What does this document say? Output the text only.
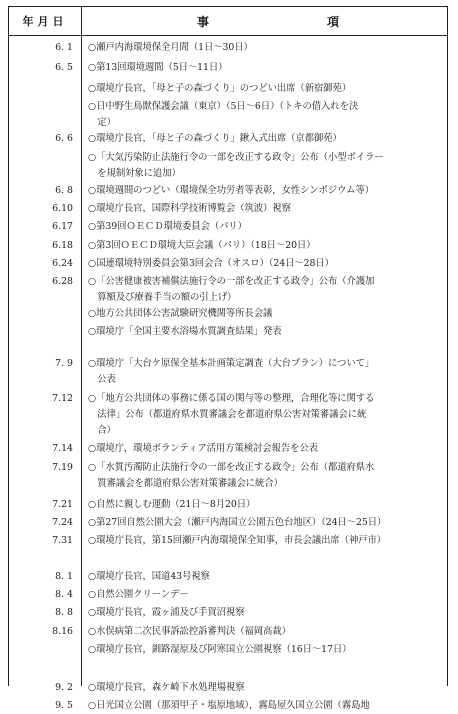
年月日	事	項
6. 1 ○瀬戸内海環境保全月間（1日〜30日）
6. 5 ○第13回環境週間（5日〜11日）
○環境庁長官，「母と子の森づくり」のつどい出席（新宿御苑）
○日中野生鳥獣保護会議（東京）（5日〜6日）（トキの借入れを決
　定）
6. 6 ○環境庁長官，「母と子の森づくり」鍬入式出席（京都御苑）
○「大気汚染防止法施行令の一部を改正する政令」公布（小型ボイラー
　を規制対象に追加）
6. 8 ○環境週間のつどい（環境保全功労者等表彰，女性シンポジウム等）
6.10 ○環境庁長官，国際科学技術博覧会（筑波）視察
6.17 ○第39回ＯＥＣＤ環境委員会（パリ）
6.18 ○第3回ＯＥＣＤ環境大臣会議（パリ）（18日〜20日）
6.24 ○国連環境特別委員会第3回会合（オスロ）（24日〜28日）
6.28 ○「公害健康被害補償法施行令の一部を改正する政令」公布（介護加
　算額及び療養手当の額の引上げ）
○地方公共団体公害試験研究機関等所長会議
○環境庁「全国主要水浴場水質調査結果」発表
7. 9 ○環境庁「大台ケ原保全基本計画策定調査（大台プラン）について」
　公表
7.12 ○「地方公共団体の事務に係る国の関与等の整理，合理化等に関する
　法律」公布（都道府県水質審議会を都道府県公害対策審議会に統
　合）
7.14 ○環境庁，環境ボランティア活用方策検討会報告を公表
7.19 ○「水質汚濁防止法施行令の一部を改正する政令」公布（都道府県水
　質審議会を都道府県公害対策審議会に統合）
7.21 ○自然に親しむ運動（21日〜8月20日）
7.24 ○第27回自然公園大会（瀬戸内海国立公園五色台地区）（24日〜25日）
7.31 ○環境庁長官，第15回瀬戸内海環境保全知事，市長会議出席（神戸市）
8. 1 ○環境庁長官，国道43号視察
8. 4 ○自然公園クリーンデー
8. 8 ○環境庁長官，霞ヶ浦及び手賀沼視察
8.16 ○水俣病第二次民事訴訟控訴審判決（福岡高裁）
○環境庁長官，釧路湿原及び阿寒国立公園視察（16日〜17日）
9. 2 ○環境庁長官，森ケ崎下水処理場視察
9. 5 ○日光国立公園（那須甲子・塩原地域），霧島屋久国立公園（霧島地
